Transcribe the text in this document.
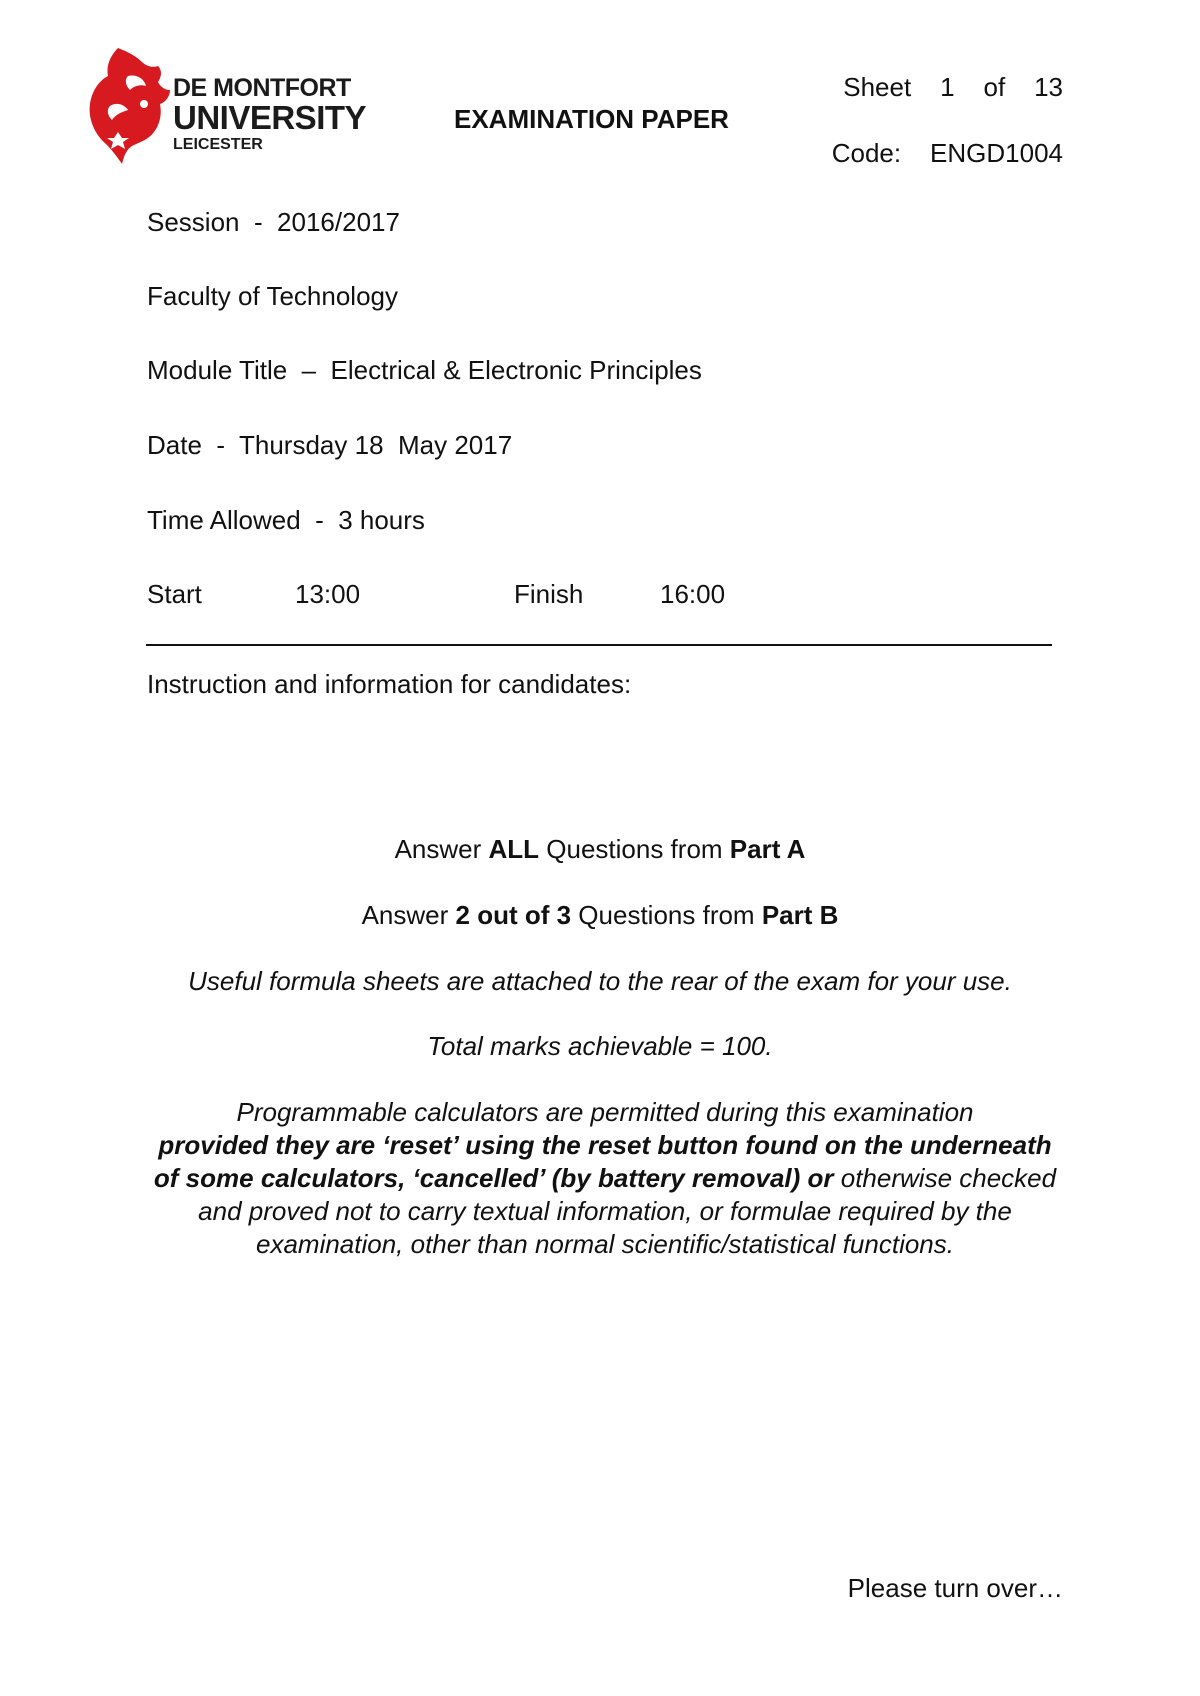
DE MONTFORT
UNIVERSITY
LEICESTER
EXAMINATION PAPER
Sheet 1 of 13
Code: ENGD1004
Session  -  2016/2017
Faculty of Technology
Module Title  –  Electrical & Electronic Principles
Date  -  Thursday 18  May 2017
Time Allowed  -  3 hours
Start	13:00	Finish	16:00
Instruction and information for candidates:
Answer ALL Questions from Part A
Answer 2 out of 3 Questions from Part B
Useful formula sheets are attached to the rear of the exam for your use.
Total marks achievable = 100.
Programmable calculators are permitted during this examination
provided they are ‘reset’ using the reset button found on the underneath of some calculators, ‘cancelled’ (by battery removal) or otherwise checked and proved not to carry textual information, or formulae required by the examination, other than normal scientific/statistical functions.
Please turn over…
